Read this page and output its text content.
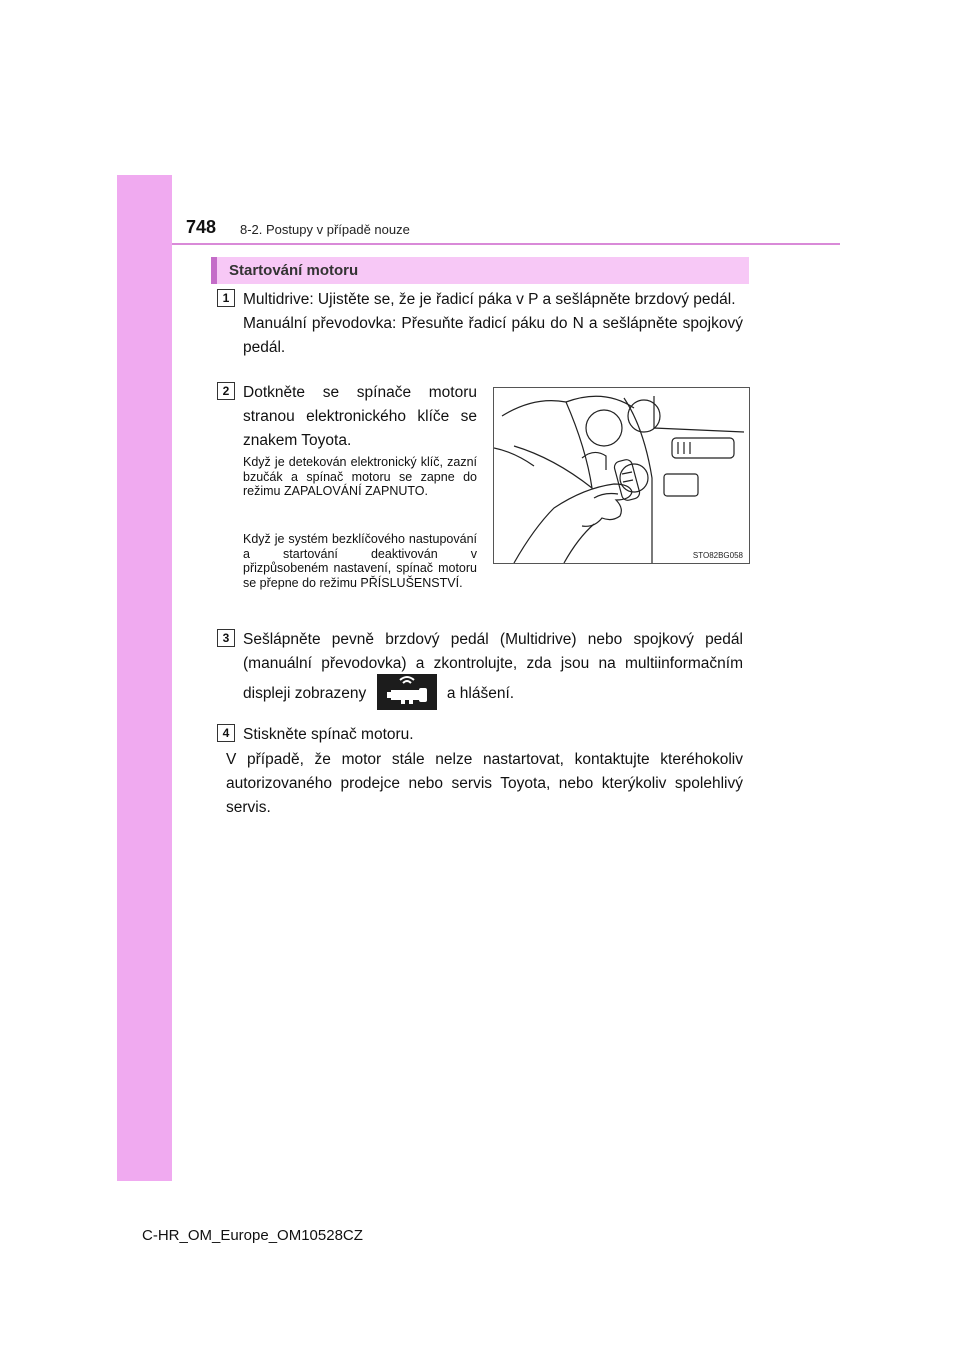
748 8-2. Postupy v případě nouze
Startování motoru
1 Multidrive: Ujistěte se, že je řadicí páka v P a sešlápněte brzdový pedál.
Manuální převodovka: Přesuňte řadicí páku do N a sešlápněte spojkový pedál.
2 Dotkněte se spínače motoru stranou elektronického klíče se znakem Toyota.
Když je detekován elektronický klíč, zazní bzučák a spínač motoru se zapne do režimu ZAPALOVÁNÍ ZAPNUTO.
Když je systém bezklíčového nastupování a startování deaktivován v přizpůsobeném nastavení, spínač motoru se přepne do režimu PŘÍSLUŠENSTVÍ.
STO82BG058
3 Sešlápněte pevně brzdový pedál (Multidrive) nebo spojkový pedál (manuální převodovka) a zkontrolujte, zda jsou na multiinformačním displeji zobrazeny	a hlášení.
4 Stiskněte spínač motoru.
V případě, že motor stále nelze nastartovat, kontaktujte kteréhokoliv autorizovaného prodejce nebo servis Toyota, nebo kterýkoliv spolehlivý servis.
C-HR_OM_Europe_OM10528CZ
